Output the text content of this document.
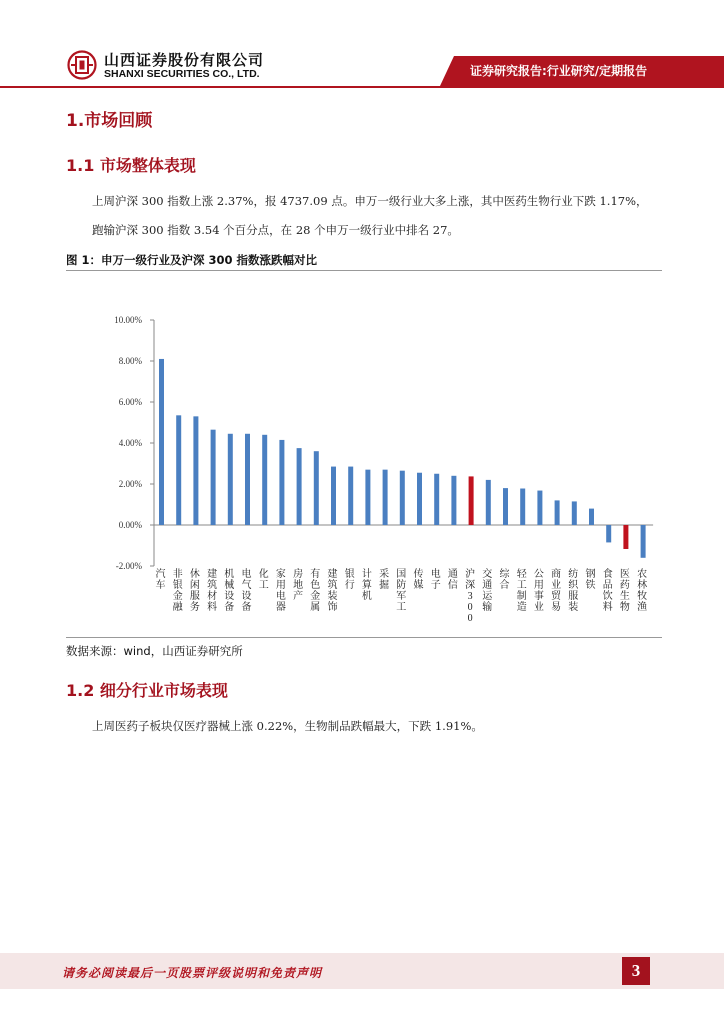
山西证券股份有限公司
SHANXI SECURITIES CO., LTD.	证券研究报告:行业研究/定期报告
1.市场回顾
1.1 市场整体表现
上周沪深 300 指数上涨 2.37%，报 4737.09 点。申万一级行业大多上涨，其中医药生物行业下跌 1.17%，
跑输沪深 300 指数 3.54 个百分点，在 28 个申万一级行业中排名 27。
图 1：申万一级行业及沪深 300 指数涨跌幅对比
-2.00%
0.00%
2.00%
4.00%
6.00%
8.00%
10.00%
汽车
非银金融
休闲服务
建筑材料
机械设备
电气设备
化工
家用电器
房地产
有色金属
建筑装饰
银行
计算机
采掘
国防军工
传媒
电子
通信
沪深 3 0 0
交通运输
综合
轻工制造
公用事业
商业贸易
纺织服装
钢铁
食品饮料
医药生物
农林牧渔
数据来源：wind，山西证券研究所
1.2 细分行业市场表现
上周医药子板块仅医疗器械上涨 0.22%，生物制品跌幅最大，下跌 1.91%。
请务必阅读最后一页股票评级说明和免责声明	3
